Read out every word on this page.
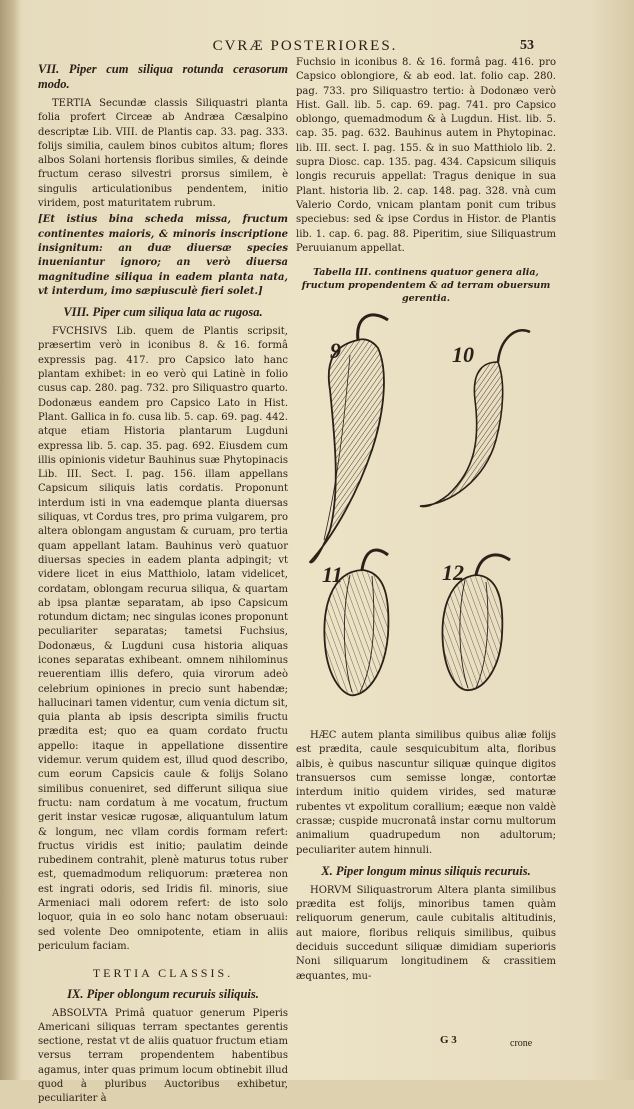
CVRÆ POSTERIORES.	53
VII. Piper cum siliqua rotunda cerasorum modo.

TERTIA Secundæ classis Siliquastri planta folia profert Circeæ ab Andræa Cæsalpino descriptæ Lib. VIII. de Plantis cap. 33. pag. 333. folijs similia, caulem binos cubitos altum; flores albos Solani hortensis floribus similes, & deinde fructum ceraso silvestri prorsus similem, è singulis articulationibus pendentem, initio viridem, post maturitatem rubrum.

[Et istius bina scheda missa, fructum continentes maioris, & minoris inscriptione insignitum: an duæ diuersæ species inueniantur ignoro; an verò diuersa magnitudine siliqua in eadem planta nata, vt interdum, imo sæpiusculè fieri solet.]

VIII. Piper cum siliqua lata ac rugosa.

FVCHSIVS Lib. quem de Plantis scripsit, præsertim verò in iconibus 8. & 16. formâ expressis pag. 417. pro Capsico lato hanc plantam exhibet: in eo verò qui Latinè in folio cusus cap. 280. pag. 732. pro Siliquastro quarto. Dodonæus eandem pro Capsico Lato in Hist. Plant. Gallica in fo. cusa lib. 5. cap. 69. pag. 442. atque etiam Historia plantarum Lugduni expressa lib. 5. cap. 35. pag. 692. Eiusdem cum illis opinionis videtur Bauhinus suæ Phytopinacis Lib. III. Sect. I. pag. 156. illam appellans Capsicum siliquis latis cordatis. Proponunt interdum isti in vna eademque planta diuersas siliquas, vt Cordus tres, pro prima vulgarem, pro altera oblongam angustam & curuam, pro tertia quam appellant latam. Bauhinus verò quatuor diuersas species in eadem planta adpingit; vt videre licet in eius Matthiolo, latam videlicet, cordatam, oblongam recurua siliqua, & quartam ab ipsa plantæ separatam, ab ipso Capsicum rotundum dictam; nec singulas icones proponunt peculiariter separatas; tametsi Fuchsius, Dodonæus, & Lugduni cusa historia aliquas icones separatas exhibeant. omnem nihilominus reuerentiam illis defero, quia virorum adeò celebrium opiniones in precio sunt habendæ; hallucinari tamen videntur, cum venia dictum sit, quia planta ab ipsis descripta similis fructu prædita est; quo ea quam cordato fructu appello: itaque in appellatione dissentire videmur. verum quidem est, illud quod describo, cum eorum Capsicis caule & folijs Solano similibus conueniret, sed differunt siliqua siue fructu: nam cordatum à me vocatum, fructum gerit instar vesicæ rugosæ, aliquantulum latum & longum, nec vllam cordis formam refert: fructus viridis est initio; paulatim deinde rubedinem contrahit, plenè maturus totus ruber est, quemadmodum reliquorum: præterea non est ingrati odoris, sed Iridis fil. minoris, siue Armeniaci mali odorem refert: de isto solo loquor, quia in eo solo hanc notam obseruaui: sed volente Deo omnipotente, etiam in aliis periculum faciam.

TERTIA CLASSIS.
IX. Piper oblongum recuruis siliquis.

ABSOLVTA Primâ quatuor generum Piperis Americani siliquas terram spectantes gerentis sectione, restat vt de aliis quatuor fructum etiam versus terram propendentem habentibus agamus, inter quas primum locum obtinebit illud quod à pluribus Auctoribus exhibetur, peculiariter à

Fuchsio in iconibus 8. & 16. formâ pag. 416. pro Capsico oblongiore, & ab eod. lat. folio cap. 280. pag. 733. pro Siliquastro tertio: à Dodonæo verò Hist. Gall. lib. 5. cap. 69. pag. 741. pro Capsico oblongo, quemadmodum & à Lugdun. Hist. lib. 5. cap. 35. pag. 632. Bauhinus autem in Phytopinac. lib. III. sect. I. pag. 155. & in suo Matthiolo lib. 2. supra Diosc. cap. 135. pag. 434. Capsicum siliquis longis recuruis appellat: Tragus denique in sua Plant. historia lib. 2. cap. 148. pag. 328. vnà cum Valerio Cordo, vnicam plantam ponit cum tribus speciebus: sed & ipse Cordus in Histor. de Plantis lib. 1. cap. 6. pag. 88. Piperitim, siue Siliquastrum Peruuianum appellat.

Tabella III. continens quatuor genera alia, fructum propendentem & ad terram obuersum gerentia.

HÆC autem planta similibus quibus aliæ folijs est prædita, caule sesquicubitum alta, floribus albis, è quibus nascuntur siliquæ quinque digitos transuersos cum semisse longæ, contortæ interdum initio quidem virides, sed maturæ rubentes vt expolitum corallium; eæque non valdè crassæ; cuspide mucronatâ instar cornu multorum animalium quadrupedum non adultorum; peculiariter autem hinnuli.

X. Piper longum minus siliquis recuruis.

HORVM Siliquastrorum Altera planta similibus prædita est folijs, minoribus tamen quàm reliquorum generum, caule cubitalis altitudinis, aut maiore, floribus reliquis similibus, quibus deciduis succedunt siliquæ dimidiam superioris Noni siliquarum longitudinem & crassitiem æquantes, mu-

9	10
11	12
G 3	crone
